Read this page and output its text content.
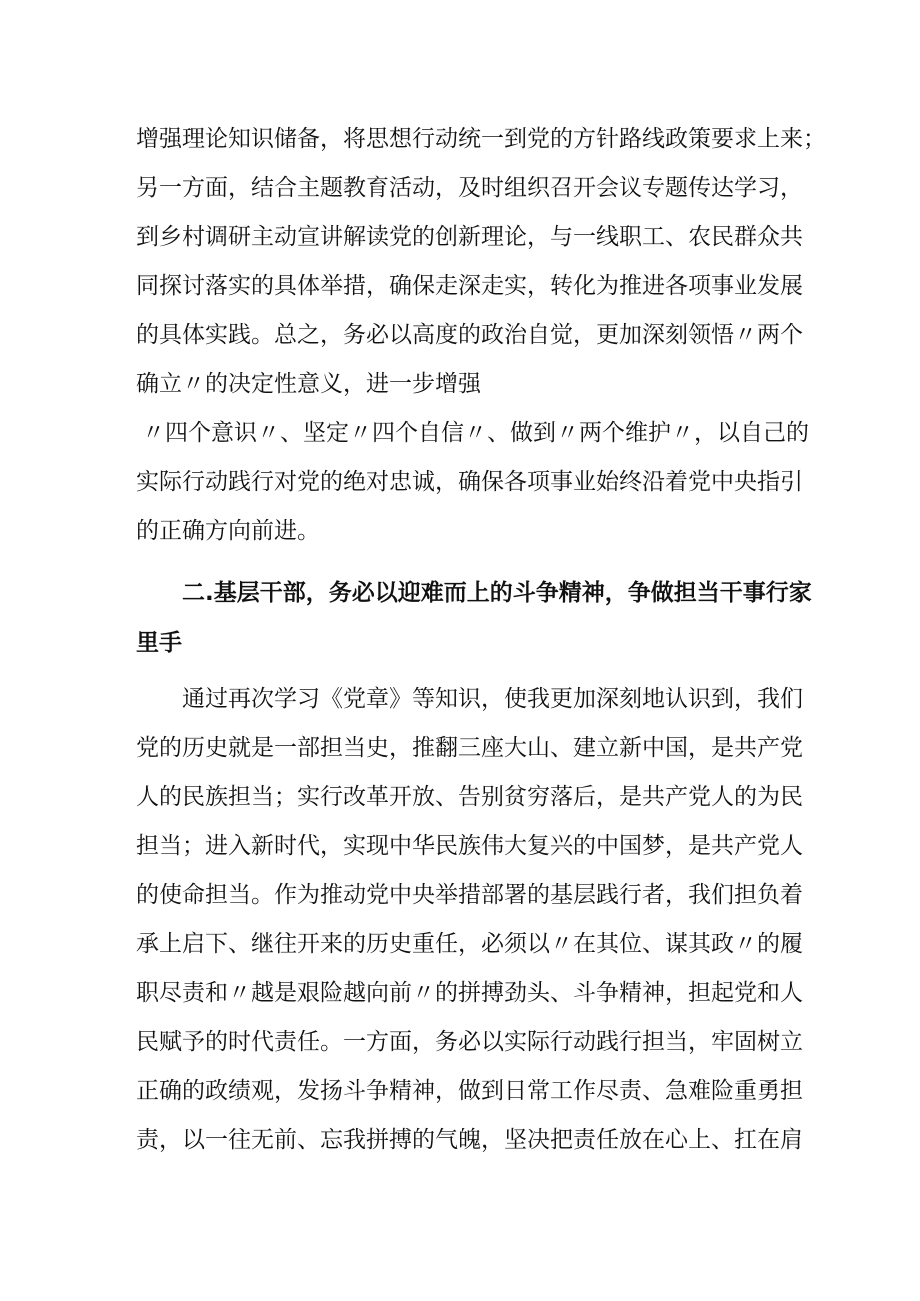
增强理论知识储备，将思想行动统一到党的方针路线政策要求上来；

另一方面，结合主题教育活动，及时组织召开会议专题传达学习，

到乡村调研主动宣讲解读党的创新理论，与一线职工、农民群众共

同探讨落实的具体举措，确保走深走实，转化为推进各项事业发展

的具体实践。总之，务必以高度的政治自觉，更加深刻领悟〃两个

确立〃的决定性意义，进一步增强

〃四个意识〃、坚定〃四个自信〃、做到〃两个维护〃，以自己的

实际行动践行对党的绝对忠诚，确保各项事业始终沿着党中央指引

的正确方向前进。

二.基层干部，务必以迎难而上的斗争精神，争做担当干事行家

里手

通过再次学习《党章》等知识，使我更加深刻地认识到，我们

党的历史就是一部担当史，推翻三座大山、建立新中国，是共产党

人的民族担当；实行改革开放、告别贫穷落后，是共产党人的为民

担当；进入新时代，实现中华民族伟大复兴的中国梦，是共产党人

的使命担当。作为推动党中央举措部署的基层践行者，我们担负着

承上启下、继往开来的历史重任，必须以〃在其位、谋其政〃的履

职尽责和〃越是艰险越向前〃的拼搏劲头、斗争精神，担起党和人

民赋予的时代责任。一方面，务必以实际行动践行担当，牢固树立

正确的政绩观，发扬斗争精神，做到日常工作尽责、急难险重勇担

责，以一往无前、忘我拼搏的气魄，坚决把责任放在心上、扛在肩
